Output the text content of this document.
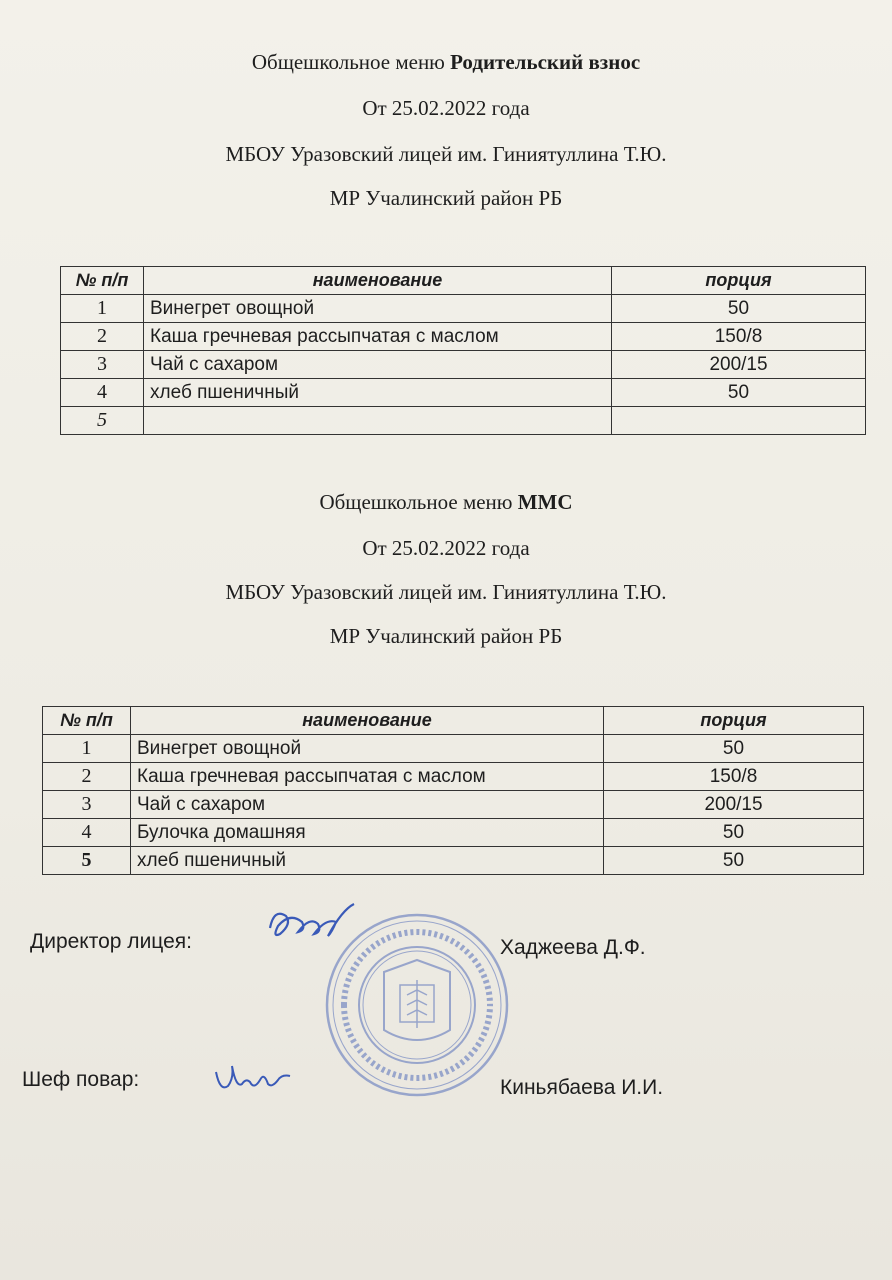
Общешкольное меню Родительский взнос
От 25.02.2022 года
МБОУ Уразовский лицей им. Гиниятуллина Т.Ю.
МР Учалинский район РБ
№ п/п	наименование	порция
1	Винегрет овощной	50
2	Каша гречневая рассыпчатая с маслом	150/8
3	Чай с сахаром	200/15
4	хлеб пшеничный	50
5		
Общешкольное меню ММС
От 25.02.2022 года
МБОУ Уразовский лицей им. Гиниятуллина Т.Ю.
МР Учалинский район РБ
№ п/п	наименование	порция
1	Винегрет овощной	50
2	Каша гречневая рассыпчатая с маслом	150/8
3	Чай с сахаром	200/15
4	Булочка домашняя	50
5	хлеб пшеничный	50
Директор лицея:	Хаджеева Д.Ф.
Шеф повар:	Киньябаева И.И.
